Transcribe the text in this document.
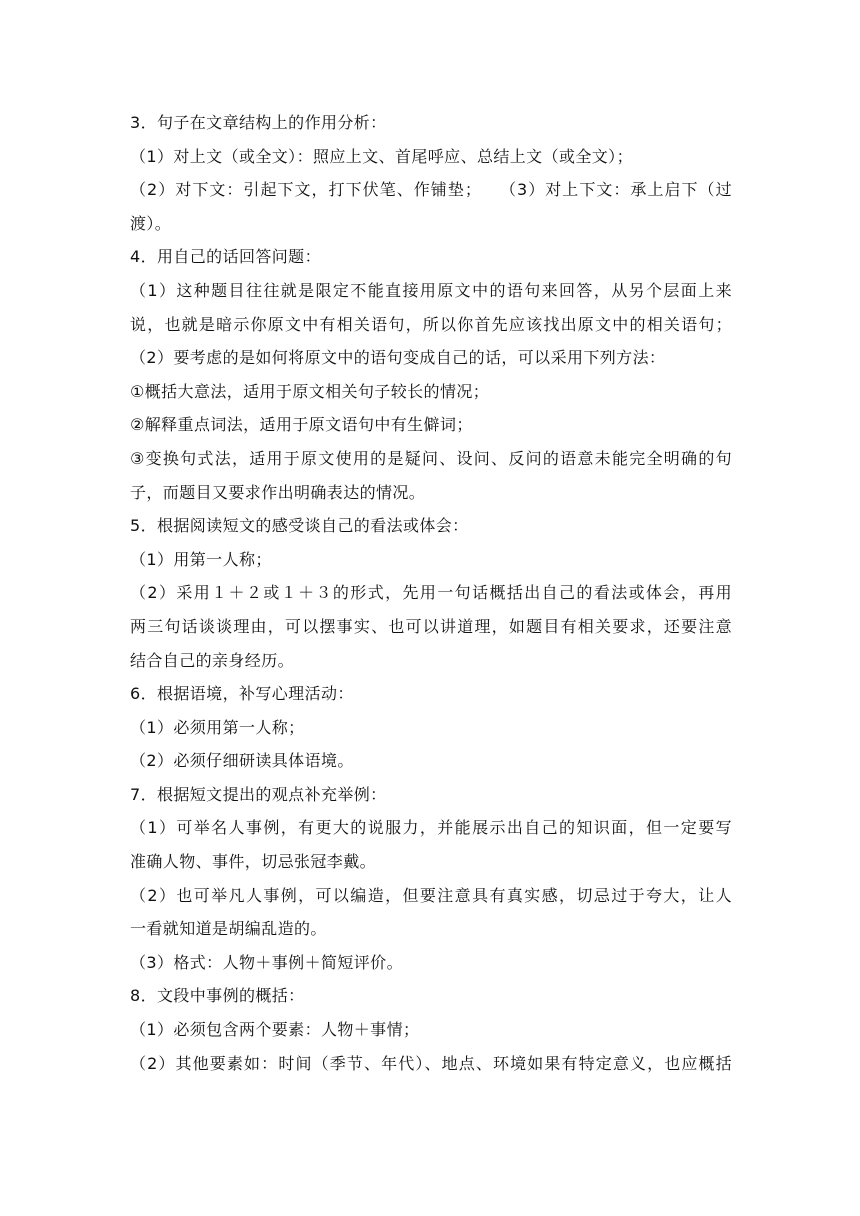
3．句子在文章结构上的作用分析：
（1）对上文（或全文）：照应上文、首尾呼应、总结上文（或全文）；
（2）对下文：引起下文，打下伏笔、作铺垫；　　（3）对上下文：承上启下（过
渡）。
4．用自己的话回答问题：
（1）这种题目往往就是限定不能直接用原文中的语句来回答，从另个层面上来
说，也就是暗示你原文中有相关语句，所以你首先应该找出原文中的相关语句；
（2）要考虑的是如何将原文中的语句变成自己的话，可以采用下列方法：
①概括大意法，适用于原文相关句子较长的情况；
②解释重点词法，适用于原文语句中有生僻词；
③变换句式法，适用于原文使用的是疑问、设问、反问的语意未能完全明确的句
子，而题目又要求作出明确表达的情况。
5．根据阅读短文的感受谈自己的看法或体会：
（1）用第一人称；
（2）采用１＋２或１＋３的形式，先用一句话概括出自己的看法或体会，再用
两三句话谈谈理由，可以摆事实、也可以讲道理，如题目有相关要求，还要注意
结合自己的亲身经历。
6．根据语境，补写心理活动：
（1）必须用第一人称；
（2）必须仔细研读具体语境。
7．根据短文提出的观点补充举例：
（1）可举名人事例，有更大的说服力，并能展示出自己的知识面，但一定要写
准确人物、事件，切忌张冠李戴。
（2）也可举凡人事例，可以编造，但要注意具有真实感，切忌过于夸大，让人
一看就知道是胡编乱造的。
（3）格式：人物＋事例＋简短评价。
8．文段中事例的概括：
（1）必须包含两个要素：人物＋事情；
（2）其他要素如：时间（季节、年代）、地点、环境如果有特定意义，也应概括
